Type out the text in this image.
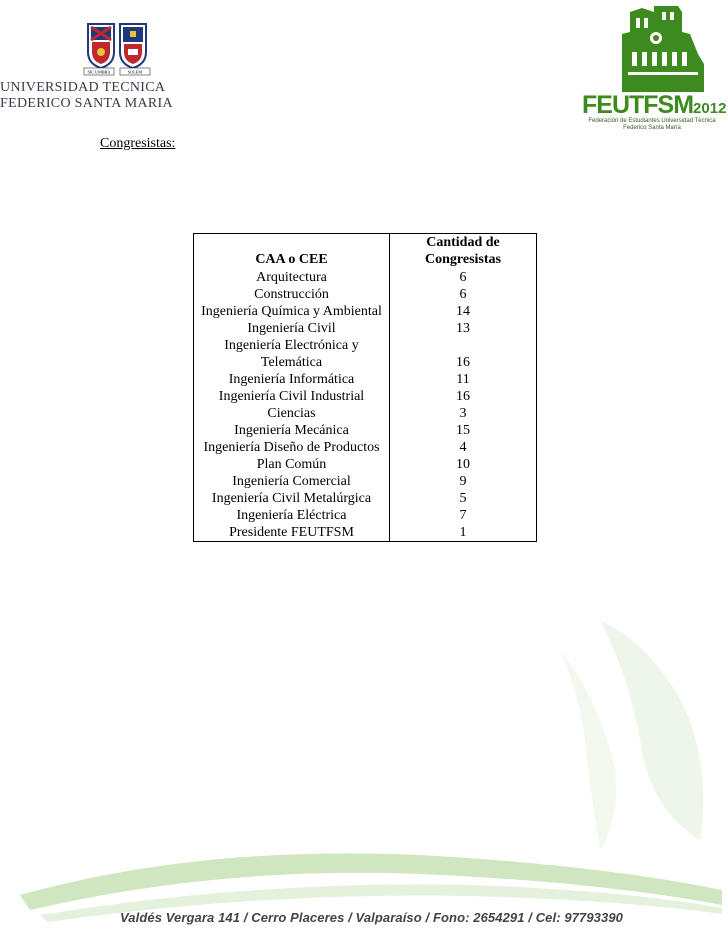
SIC UMBRA	SOLEM
UNIVERSIDAD TECNICA
FEDERICO SANTA MARIA	FEUTFSM2012
Federación de Estudiantes Universidad Técnica
Federico Santa María
Congresistas:
CAA o CEE	Cantidad de
Congresistas

Arquitectura	6
Construcción	6
Ingeniería Química y Ambiental	14
Ingeniería Civil	13

Ingeniería Electrónica y
Telemática	16
Ingeniería Informática	11
Ingeniería Civil Industrial	16
Ciencias	3
Ingeniería Mecánica	15
Ingeniería Diseño de Productos	4
Plan Común	10
Ingeniería Comercial	9
Ingeniería Civil Metalúrgica	5
Ingeniería Eléctrica	7
Presidente FEUTFSM	1
Valdés Vergara 141 / Cerro Placeres / Valparaíso / Fono: 2654291 / Cel: 97793390
